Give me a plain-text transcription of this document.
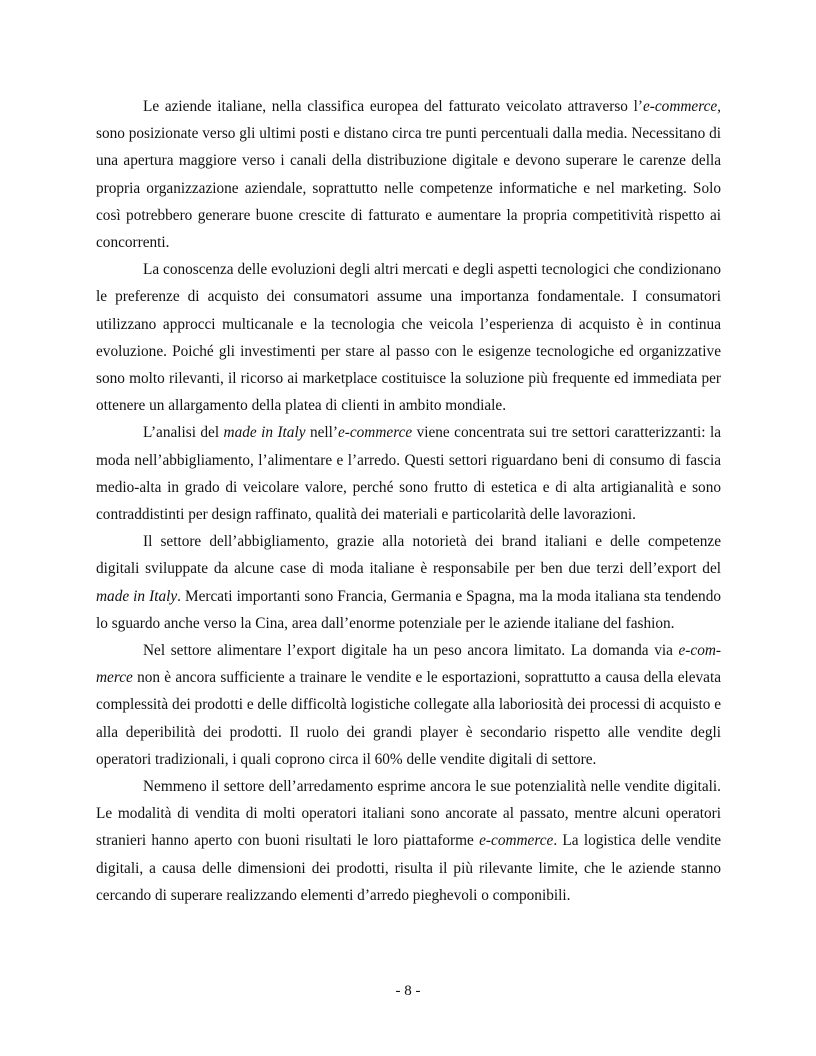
Le aziende italiane, nella classifica europea del fatturato veicolato attraverso l’e-commerce, sono posizionate verso gli ultimi posti e distano circa tre punti percentuali dalla media. Necessitano di una apertura maggiore verso i canali della distribuzione digitale e devono superare le carenze della propria organizzazione aziendale, soprattutto nelle competenze informatiche e nel marketing. Solo così potrebbero generare buone crescite di fatturato e aumentare la propria competitività rispetto ai concorrenti.

La conoscenza delle evoluzioni degli altri mercati e degli aspetti tecnologici che condizionano le preferenze di acquisto dei consumatori assume una importanza fondamentale. I consumatori utilizzano approcci multicanale e la tecnologia che veicola l’esperienza di acquisto è in continua evoluzione. Poiché gli investimenti per stare al passo con le esigenze tecnologiche ed organizzative sono molto rilevanti, il ricorso ai marketplace costituisce la soluzione più frequente ed immediata per ottenere un allargamento della platea di clienti in ambito mondiale.

L’analisi del made in Italy nell’e-commerce viene concentrata sui tre settori caratterizzanti: la moda nell’abbigliamento, l’alimentare e l’arredo. Questi settori riguardano beni di consumo di fascia medio-alta in grado di veicolare valore, perché sono frutto di estetica e di alta artigianalità e sono contraddistinti per design raffinato, qualità dei materiali e particolarità delle lavorazioni.

Il settore dell’abbigliamento, grazie alla notorietà dei brand italiani e delle competenze digitali sviluppate da alcune case di moda italiane è responsabile per ben due terzi dell’export del made in Italy. Mercati importanti sono Francia, Germania e Spagna, ma la moda italiana sta tendendo lo sguardo anche verso la Cina, area dall’enorme potenziale per le aziende italiane del fashion.

Nel settore alimentare l’export digitale ha un peso ancora limitato. La domanda via e-commerce non è ancora sufficiente a trainare le vendite e le esportazioni, soprattutto a causa della elevata complessità dei prodotti e delle difficoltà logistiche collegate alla laboriosità dei processi di acquisto e alla deperibilità dei prodotti. Il ruolo dei grandi player è secondario rispetto alle vendite degli operatori tradizionali, i quali coprono circa il 60% delle vendite digitali di settore.

Nemmeno il settore dell’arredamento esprime ancora le sue potenzialità nelle vendite digitali. Le modalità di vendita di molti operatori italiani sono ancorate al passato, mentre alcuni operatori stranieri hanno aperto con buoni risultati le loro piattaforme e-commerce. La logistica delle vendite digitali, a causa delle dimensioni dei prodotti, risulta il più rilevante limite, che le aziende stanno cercando di superare realizzando elementi d’arredo pieghevoli o componibili.

- 8 -
